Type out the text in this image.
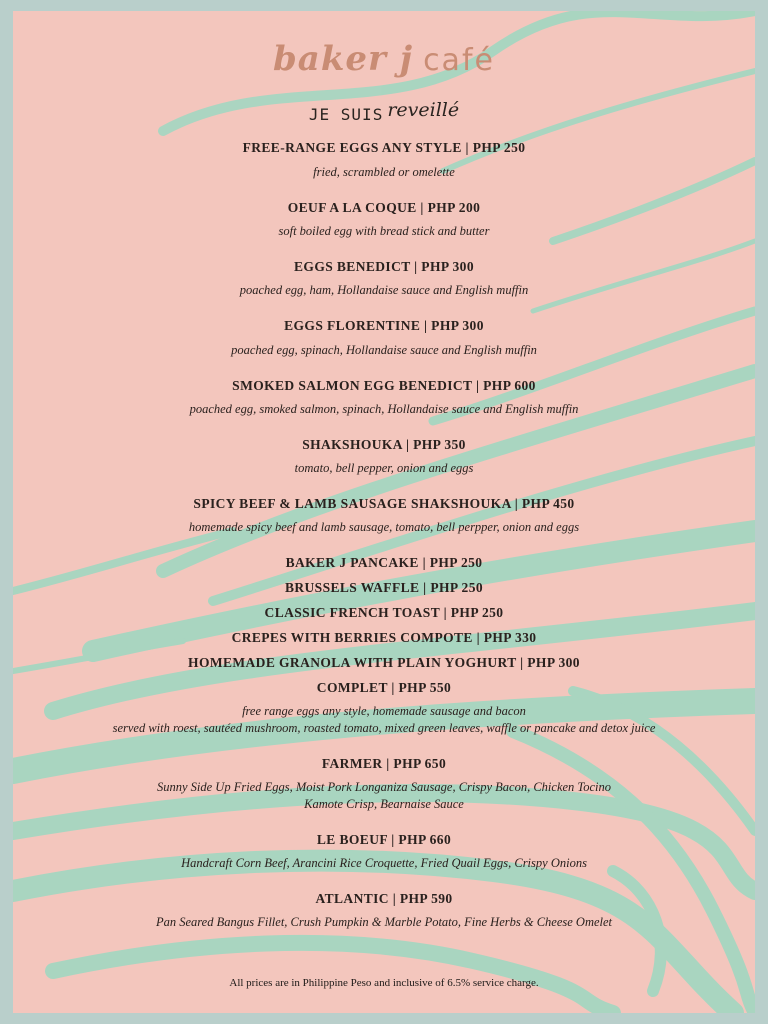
baker j café
JE SUIS reveillé
FREE-RANGE EGGS ANY STYLE | PHP 250
fried, scrambled or omelette
OEUF A LA COQUE | PHP 200
soft boiled egg with bread stick and butter
EGGS BENEDICT | PHP 300
poached egg, ham, Hollandaise sauce and English muffin
EGGS FLORENTINE | PHP 300
poached egg, spinach, Hollandaise sauce and English muffin
SMOKED SALMON EGG BENEDICT | PHP 600
poached egg, smoked salmon, spinach, Hollandaise sauce and English muffin
SHAKSHOUKA | PHP 350
tomato, bell pepper, onion and eggs
SPICY BEEF & LAMB SAUSAGE SHAKSHOUKA | PHP 450
homemade spicy beef and lamb sausage, tomato, bell perpper, onion and eggs
BAKER J PANCAKE | PHP 250
BRUSSELS WAFFLE | PHP 250
CLASSIC FRENCH TOAST | PHP 250
CREPES WITH BERRIES COMPOTE | PHP 330
HOMEMADE GRANOLA WITH PLAIN YOGHURT | PHP 300
COMPLET | PHP 550
free range eggs any style, homemade sausage and bacon
served with roest, sautéed mushroom, roasted tomato, mixed green leaves, waffle or pancake and detox juice
FARMER | PHP 650
Sunny Side Up Fried Eggs, Moist Pork Longaniza Sausage, Crispy Bacon, Chicken Tocino
Kamote Crisp, Bearnaise Sauce
LE BOEUF | PHP 660
Handcraft Corn Beef, Arancini Rice Croquette, Fried Quail Eggs, Crispy Onions
ATLANTIC | PHP 590
Pan Seared Bangus Fillet, Crush Pumpkin & Marble Potato, Fine Herbs & Cheese Omelet
All prices are in Philippine Peso and inclusive of 6.5% service charge.
